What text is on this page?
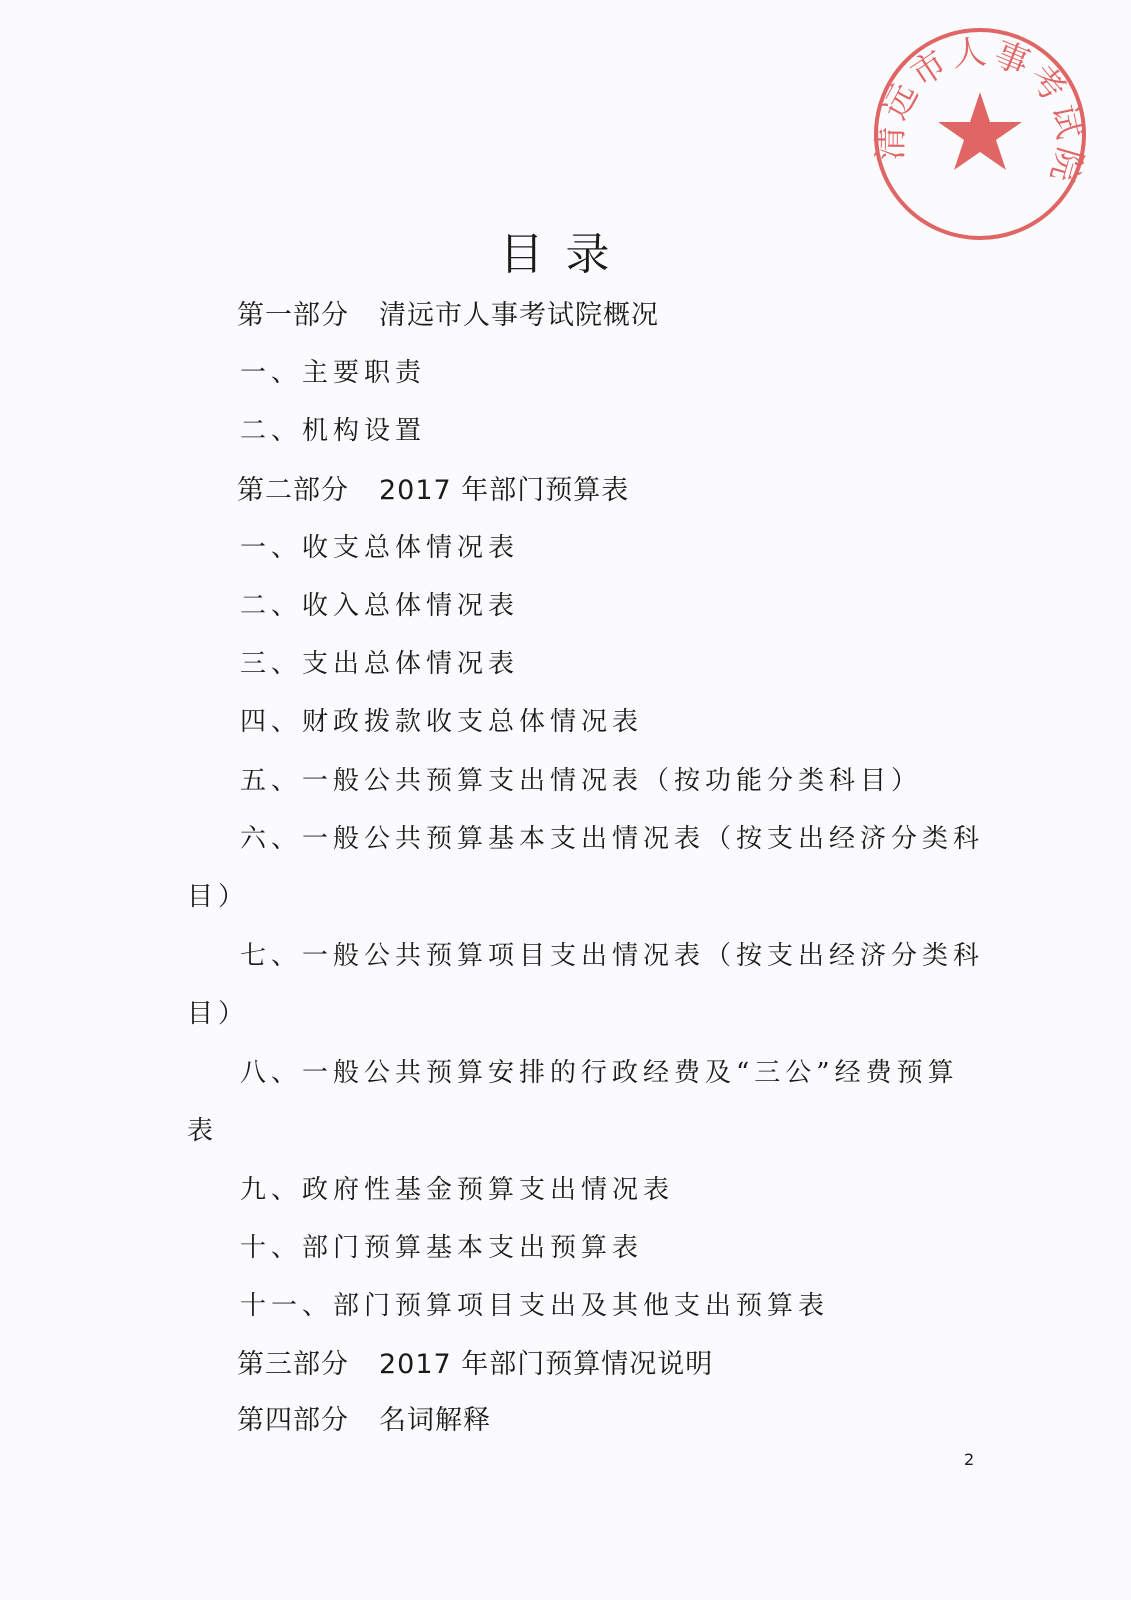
清远市人事考试院
目录
第一部分 清远市人事考试院概况
一、主要职责
二、机构设置
第二部分 2017 年部门预算表
一、收支总体情况表
二、收入总体情况表
三、支出总体情况表
四、财政拨款收支总体情况表
五、一般公共预算支出情况表（按功能分类科目）
六、一般公共预算基本支出情况表（按支出经济分类科
目）
七、一般公共预算项目支出情况表（按支出经济分类科
目）
八、一般公共预算安排的行政经费及“三公”经费预算
表
九、政府性基金预算支出情况表
十、部门预算基本支出预算表
十一、部门预算项目支出及其他支出预算表
第三部分 2017 年部门预算情况说明
第四部分 名词解释
2
